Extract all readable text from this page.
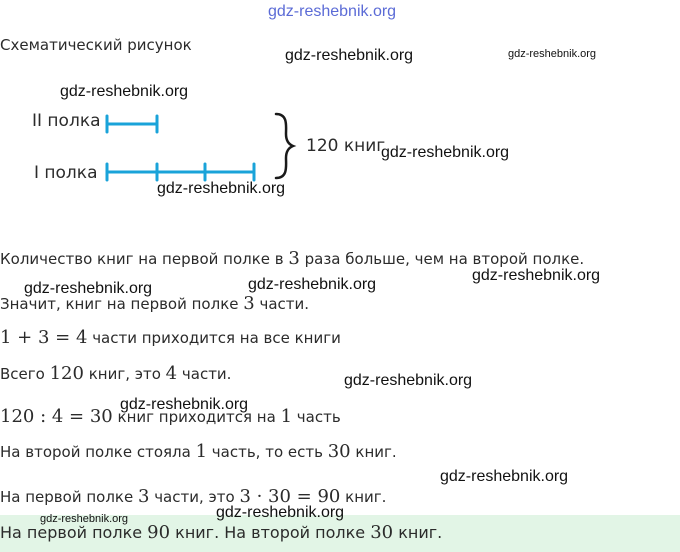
gdz-reshebnik.org
gdz-reshebnik.org	gdz-reshebnik.org
gdz-reshebnik.org
gdz-reshebnik.org
gdz-reshebnik.org
gdz-reshebnik.org	gdz-reshebnik.org
gdz-reshebnik.org
gdz-reshebnik.org
gdz-reshebnik.org
gdz-reshebnik.org
gdz-reshebnik.org
gdz-reshebnik.org
Схематический рисунок
II полка
I полка
120 книг
Количество книг на первой полке в 3 раза больше, чем на второй полке.
Значит, книг на первой полке 3 части.
1 + 3 = 4 части приходится на все книги
Всего 120 книг, это 4 части.
120 : 4 = 30 книг приходится на 1 часть
На второй полке стояла 1 часть, то есть 30 книг.
На первой полке 3 части, это 3 · 30 = 90 книг.
На первой полке 90 книг. На второй полке 30 книг.
